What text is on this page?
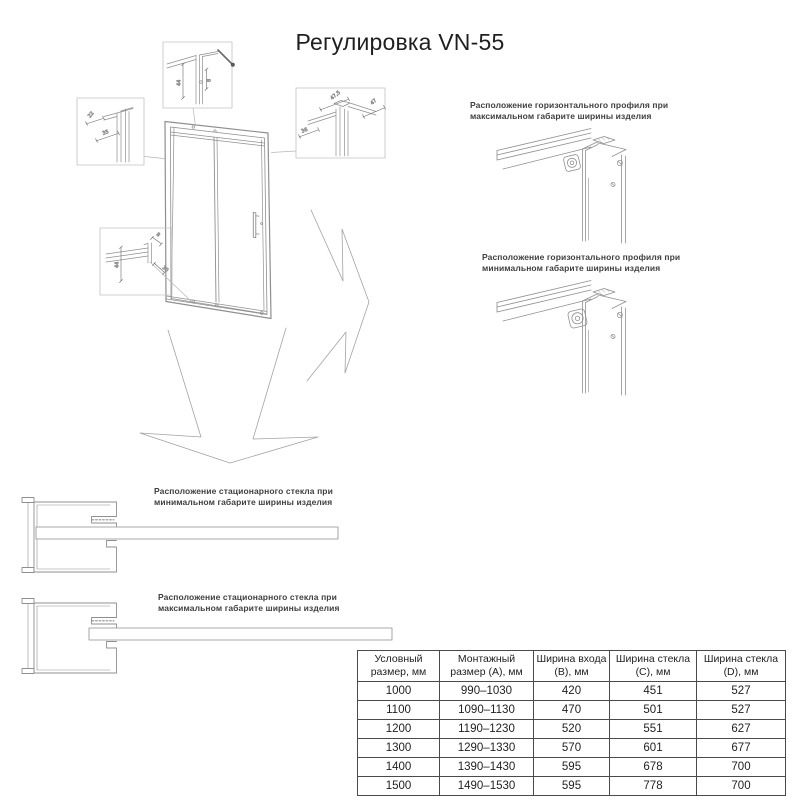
Регулировка VN-55
44	8
22
35
47,5
47
36
8
44
30
Расположение горизонтального профиля при
максимальном габарите ширины изделия
Расположение горизонтального профиля при
минимальном габарите ширины изделия
Расположение стационарного стекла при
минимальном габарите ширины изделия
Расположение стационарного стекла при
максимальном габарите ширины изделия
Условный размер, мм	Монтажный размер (A), мм	Ширина входа (B), мм	Ширина стекла (C), мм	Ширина стекла (D), мм
1000	990–1030	420	451	527
1100	1090–1130	470	501	527
1200	1190–1230	520	551	627
1300	1290–1330	570	601	677
1400	1390–1430	595	678	700
1500	1490–1530	595	778	700
